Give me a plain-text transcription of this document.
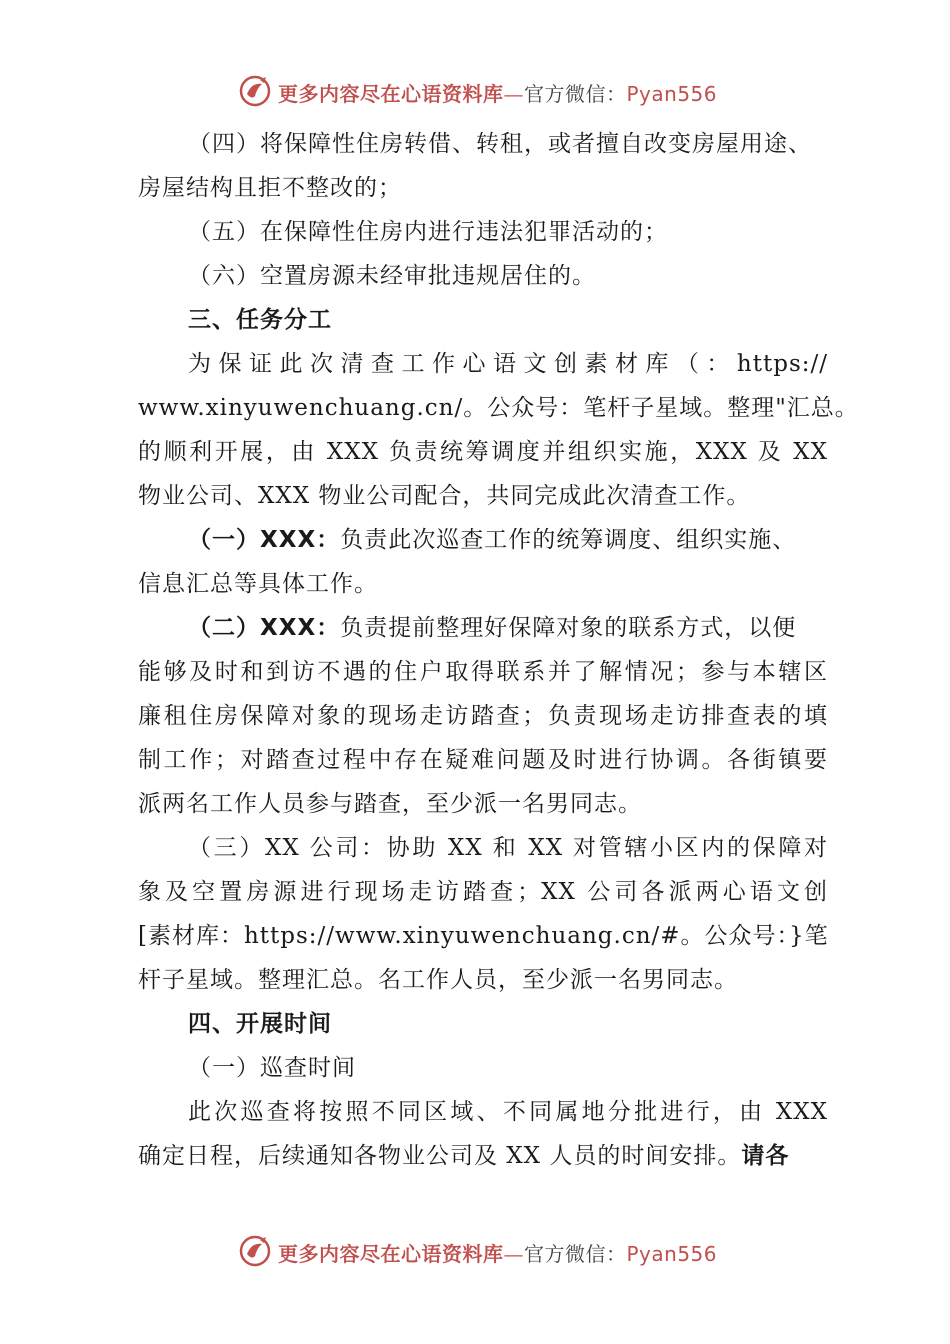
更多内容尽在心语资料库—官方微信：Pyan556
（四）将保障性住房转借、转租，或者擅自改变房屋用途、
房屋结构且拒不整改的；
（五）在保障性住房内进行违法犯罪活动的；
（六）空置房源未经审批违规居住的。
三、任务分工
为保证此次清查工作心语文创素材库（：https://
www.xinyuwenchuang.cn/。公众号：笔杆子星域。整理"汇总。
的顺利开展，由 XXX 负责统筹调度并组织实施，XXX 及 XX
物业公司、XXX 物业公司配合，共同完成此次清查工作。
（一）XXX：负责此次巡查工作的统筹调度、组织实施、
信息汇总等具体工作。
（二）XXX：负责提前整理好保障对象的联系方式，以便
能够及时和到访不遇的住户取得联系并了解情况；参与本辖区
廉租住房保障对象的现场走访踏查；负责现场走访排查表的填
制工作；对踏查过程中存在疑难问题及时进行协调。各街镇要
派两名工作人员参与踏查，至少派一名男同志。
（三）XX 公司：协助 XX 和 XX 对管辖小区内的保障对
象及空置房源进行现场走访踏查；XX 公司各派两心语文创
[素材库：https://www.xinyuwenchuang.cn/#。公众号：}笔
杆子星域。整理汇总。名工作人员，至少派一名男同志。
四、开展时间
（一）巡查时间
此次巡查将按照不同区域、不同属地分批进行，由 XXX
确定日程，后续通知各物业公司及 XX 人员的时间安排。请各
更多内容尽在心语资料库—官方微信：Pyan556
